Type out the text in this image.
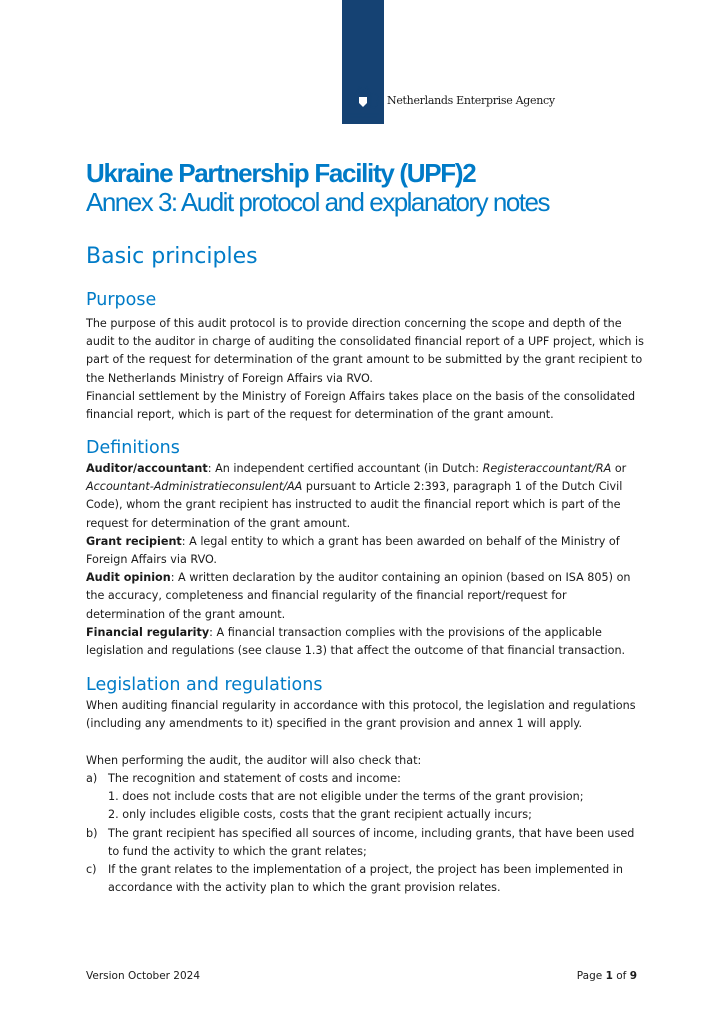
Netherlands Enterprise Agency
Ukraine Partnership Facility (UPF)2
Annex 3: Audit protocol and explanatory notes
Basic principles
Purpose
The purpose of this audit protocol is to provide direction concerning the scope and depth of the
audit to the auditor in charge of auditing the consolidated financial report of a UPF project, which is
part of the request for determination of the grant amount to be submitted by the grant recipient to
the Netherlands Ministry of Foreign Affairs via RVO.
Financial settlement by the Ministry of Foreign Affairs takes place on the basis of the consolidated
financial report, which is part of the request for determination of the grant amount.
Definitions
Auditor/accountant: An independent certified accountant (in Dutch: Registeraccountant/RA or
Accountant-Administratieconsulent/AA pursuant to Article 2:393, paragraph 1 of the Dutch Civil
Code), whom the grant recipient has instructed to audit the financial report which is part of the
request for determination of the grant amount.
Grant recipient: A legal entity to which a grant has been awarded on behalf of the Ministry of
Foreign Affairs via RVO.
Audit opinion: A written declaration by the auditor containing an opinion (based on ISA 805) on
the accuracy, completeness and financial regularity of the financial report/request for
determination of the grant amount.
Financial regularity: A financial transaction complies with the provisions of the applicable
legislation and regulations (see clause 1.3) that affect the outcome of that financial transaction.
Legislation and regulations
When auditing financial regularity in accordance with this protocol, the legislation and regulations
(including any amendments to it) specified in the grant provision and annex 1 will apply.
When performing the audit, the auditor will also check that:
a) The recognition and statement of costs and income:
1. does not include costs that are not eligible under the terms of the grant provision;
2. only includes eligible costs, costs that the grant recipient actually incurs;
b) The grant recipient has specified all sources of income, including grants, that have been used
to fund the activity to which the grant relates;
c) If the grant relates to the implementation of a project, the project has been implemented in
accordance with the activity plan to which the grant provision relates.
Version October 2024	Page 1 of 9
